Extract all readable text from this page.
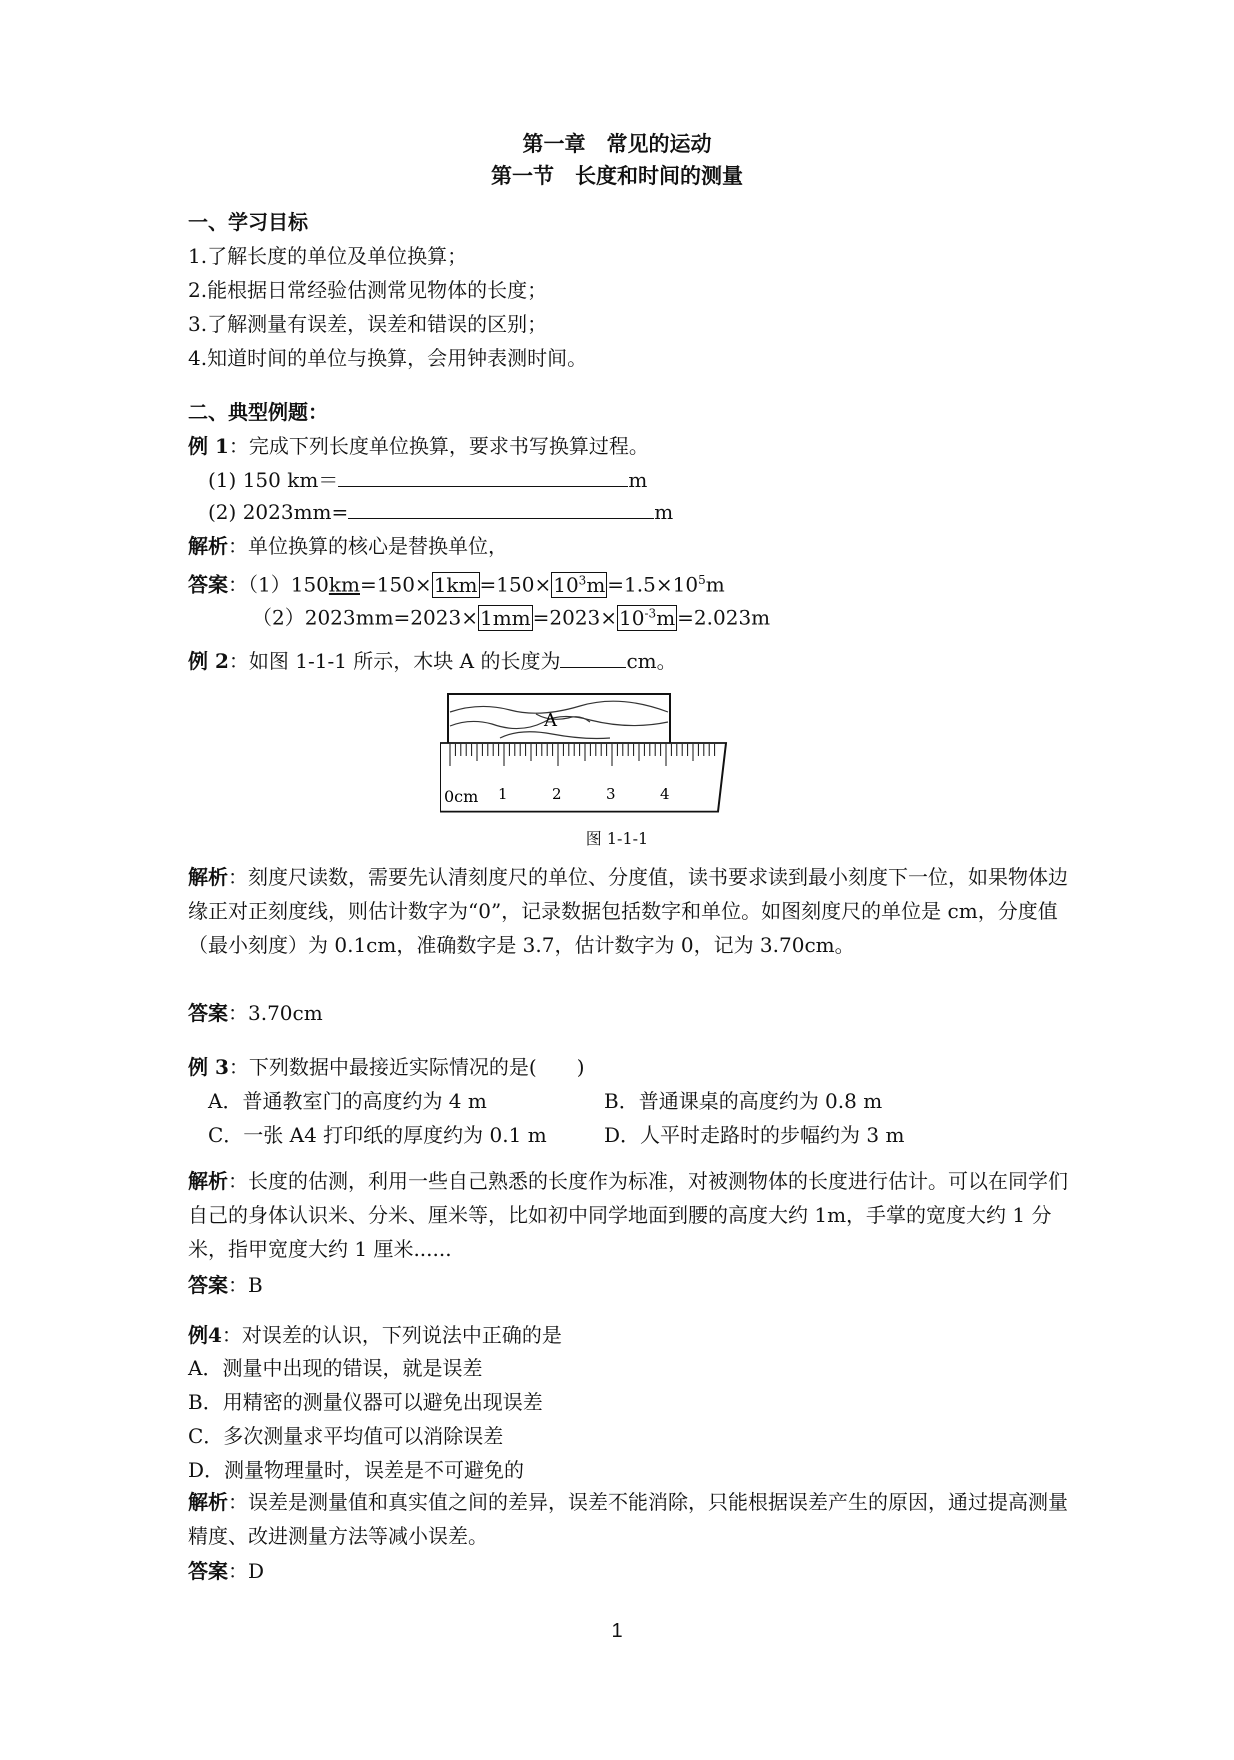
第一章　常见的运动
第一节　长度和时间的测量
一、学习目标
1.了解长度的单位及单位换算；
2.能根据日常经验估测常见物体的长度；
3.了解测量有误差，误差和错误的区别；
4.知道时间的单位与换算，会用钟表测时间。
二、典型例题：
例 1：完成下列长度单位换算，要求书写换算过程。
(1) 150 km＝	m
(2) 2023mm=	m
解析：单位换算的核心是替换单位，
答案：$(1)150km=150\times 1km =150\times 10^3m =1.5\times 10^5m$
$(2)2023mm=2023\times 1mm =2023\times 10^{-3}m =2.023m$
例 2：如图 1-1-1 所示，木块 A 的长度为	cm。
A
0cm 1	2	3	4
图 1-1-1
解析：刻度尺读数，需要先认清刻度尺的单位、分度值，读书要求读到最小刻度下一位，如果物体边缘正对正刻度线，则估计数字为“0”，记录数据包括数字和单位。如图刻度尺的单位是 cm，分度值（最小刻度）为 0.1cm，准确数字是 3.7，估计数字为 0，记为 3.70cm。
答案：3.70cm
例 3：下列数据中最接近实际情况的是(　　)
A．普通教室门的高度约为 4 m	B．普通课桌的高度约为 0.8 m
C．一张 A4 打印纸的厚度约为 0.1 m	D．人平时走路时的步幅约为 3 m
解析：长度的估测，利用一些自己熟悉的长度作为标准，对被测物体的长度进行估计。可以在同学们自己的身体认识米、分米、厘米等，比如初中同学地面到腰的高度大约 1m，手掌的宽度大约 1 分米，指甲宽度大约 1 厘米......
答案：B
例4：对误差的认识，下列说法中正确的是
A．测量中出现的错误，就是误差
B．用精密的测量仪器可以避免出现误差
C．多次测量求平均值可以消除误差
D．测量物理量时，误差是不可避免的
解析：误差是测量值和真实值之间的差异，误差不能消除，只能根据误差产生的原因，通过提高测量精度、改进测量方法等减小误差。
答案：D
1
